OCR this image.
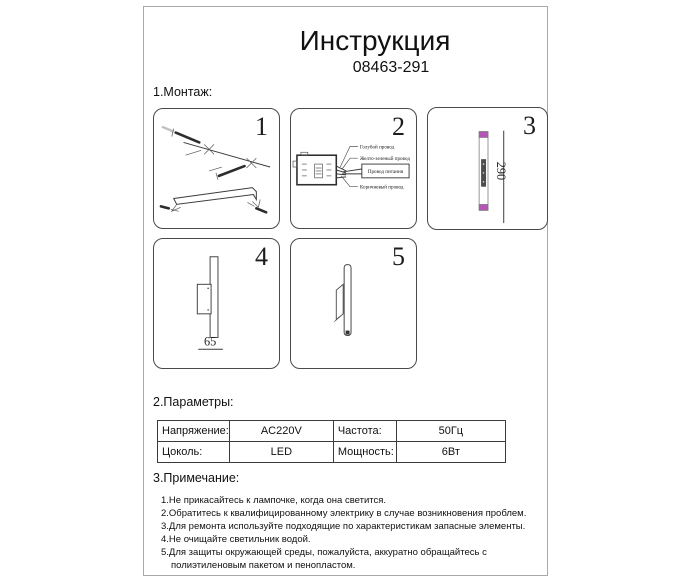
Инструкция
08463-291
1.Монтаж:
1
Голубой провод
Желто-зеленый провод
Провод питания
Коричневый провод
2
290
3
65
4	5
2.Параметры:
Напряжение:	AC220V	Частота:	50Гц
Цоколь:	LED	Мощность:	6Вт
3.Примечание:
1.Не прикасайтесь к лампочке, когда она светится.
2.Обратитесь к квалифицированному электрику в случае возникновения проблем.
3.Для ремонта используйте подходящие по характеристикам запасные элементы.
4.Не очищайте светильник водой.
5.Для защиты окружающей среды, пожалуйста, аккуратно обращайтесь с полиэтиленовым пакетом и пенопластом.
